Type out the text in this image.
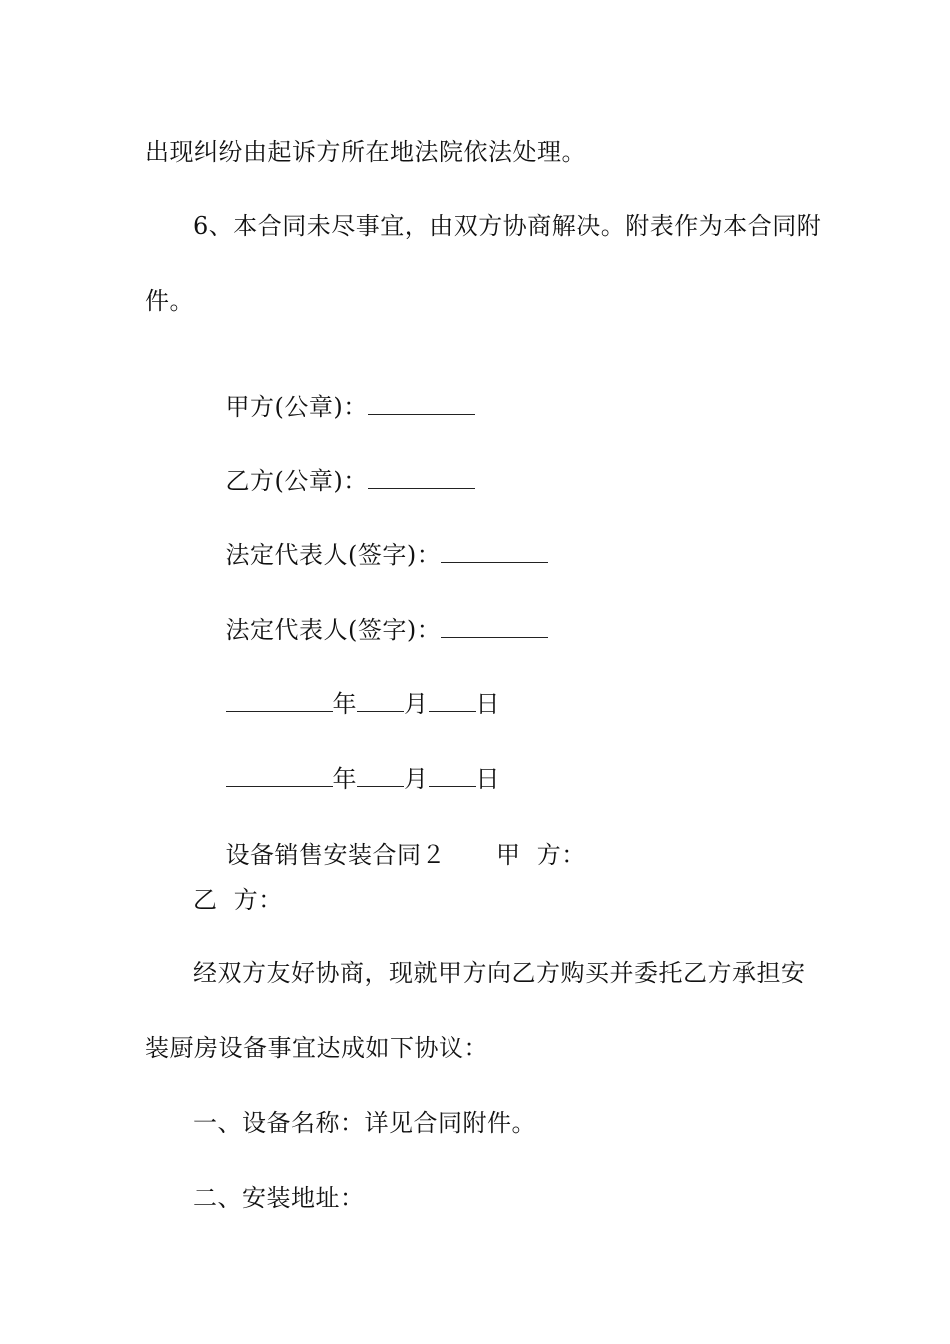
出现纠纷由起诉方所在地法院依法处理。
6、本合同未尽事宜，由双方协商解决。附表作为本合同附
件。

甲方(公章)：

乙方(公章)：

法定代表人(签字)：

法定代表人(签字)：

年 月 日

年 月 日

设备销售安装合同２ 甲  方：

乙  方：
经双方友好协商，现就甲方向乙方购买并委托乙方承担安
装厨房设备事宜达成如下协议：
一、设备名称：详见合同附件。
二、安装地址：
